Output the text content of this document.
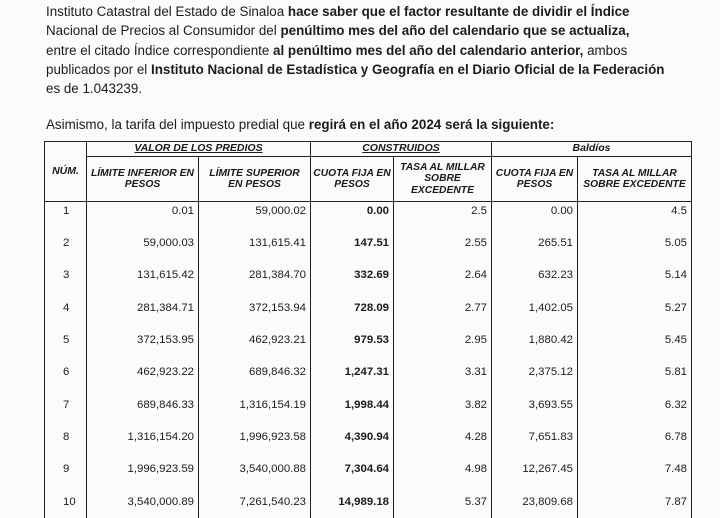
Instituto Catastral del Estado de Sinaloa hace saber que el factor resultante de dividir el Índice
Nacional de Precios al Consumidor del penúltimo mes del año del calendario que se actualiza,
entre el citado Índice correspondiente al penúltimo mes del año del calendario anterior, ambos
publicados por el Instituto Nacional de Estadística y Geografía en el Diario Oficial de la Federación
es de 1.043239.
Asimismo, la tarifa del impuesto predial que regirá en el año 2024 será la siguiente:
NÚM.	VALOR DE LOS PREDIOS		CONSTRUIDOS		Baldíos	
	LÍMITE INFERIOR EN PESOS	LÍMITE SUPERIOR EN PESOS	CUOTA FIJA EN PESOS	TASA AL MILLAR SOBRE EXCEDENTE	CUOTA FIJA EN PESOS	TASA AL MILLAR SOBRE EXCEDENTE
1	0.01	59,000.02	0.00	2.5	0.00	4.5
2	59,000.03	131,615.41	147.51	2.55	265.51	5.05
3	131,615.42	281,384.70	332.69	2.64	632.23	5.14
4	281,384.71	372,153.94	728.09	2.77	1,402.05	5.27
5	372,153.95	462,923.21	979.53	2.95	1,880.42	5.45
6	462,923.22	689,846.32	1,247.31	3.31	2,375.12	5.81
7	689,846.33	1,316,154.19	1,998.44	3.82	3,693.55	6.32
8	1,316,154.20	1,996,923.58	4,390.94	4.28	7,651.83	6.78
9	1,996,923.59	3,540,000.88	7,304.64	4.98	12,267.45	7.48
10	3,540,000.89	7,261,540.23	14,989.18	5.37	23,809.68	7.87
